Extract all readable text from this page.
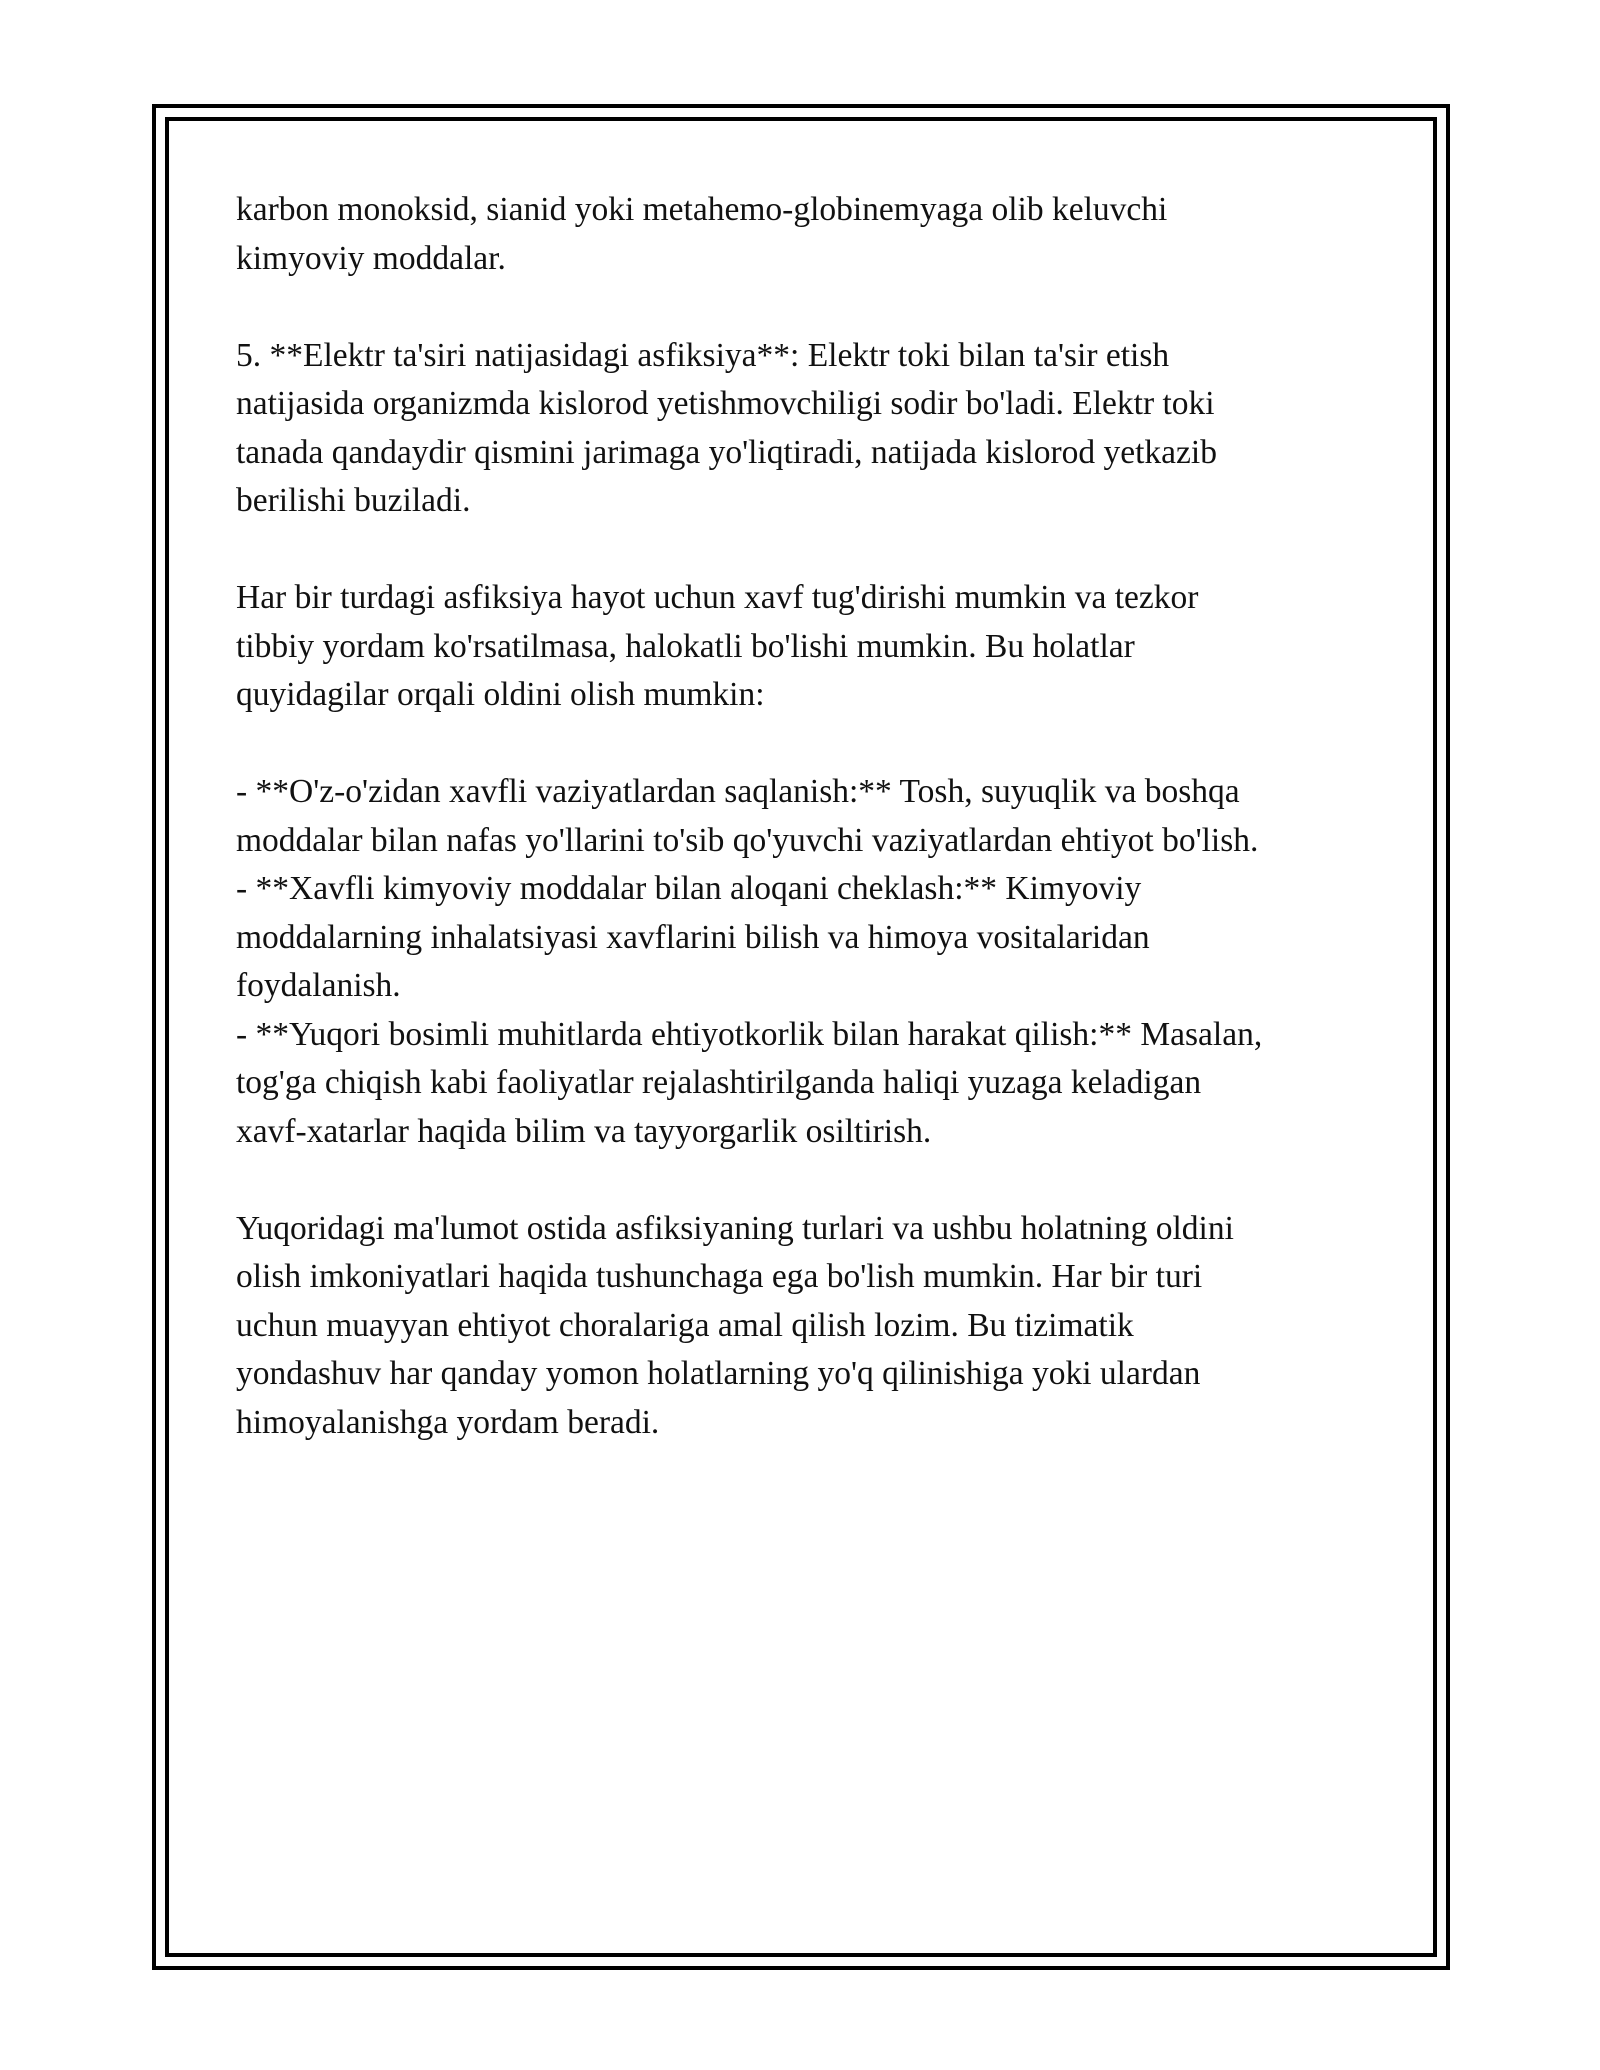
karbon monoksid, sianid yoki metahemo-globinemyaga olib keluvchi
kimyoviy moddalar.

5. **Elektr ta'siri natijasidagi asfiksiya**: Elektr toki bilan ta'sir etish
natijasida organizmda kislorod yetishmovchiligi sodir bo'ladi. Elektr toki
tanada qandaydir qismini jarimaga yo'liqtiradi, natijada kislorod yetkazib
berilishi buziladi.

Har bir turdagi asfiksiya hayot uchun xavf tug'dirishi mumkin va tezkor
tibbiy yordam ko'rsatilmasa, halokatli bo'lishi mumkin. Bu holatlar
quyidagilar orqali oldini olish mumkin:

- **O'z-o'zidan xavfli vaziyatlardan saqlanish:** Tosh, suyuqlik va boshqa
moddalar bilan nafas yo'llarini to'sib qo'yuvchi vaziyatlardan ehtiyot bo'lish.

- **Xavfli kimyoviy moddalar bilan aloqani cheklash:** Kimyoviy
moddalarning inhalatsiyasi xavflarini bilish va himoya vositalaridan
foydalanish.

- **Yuqori bosimli muhitlarda ehtiyotkorlik bilan harakat qilish:** Masalan,
tog'ga chiqish kabi faoliyatlar rejalashtirilganda haliqi yuzaga keladigan
xavf-xatarlar haqida bilim va tayyorgarlik osiltirish.

Yuqoridagi ma'lumot ostida asfiksiyaning turlari va ushbu holatning oldini
olish imkoniyatlari haqida tushunchaga ega bo'lish mumkin. Har bir turi
uchun muayyan ehtiyot choralariga amal qilish lozim. Bu tizimatik
yondashuv har qanday yomon holatlarning yo'q qilinishiga yoki ulardan
himoyalanishga yordam beradi.
